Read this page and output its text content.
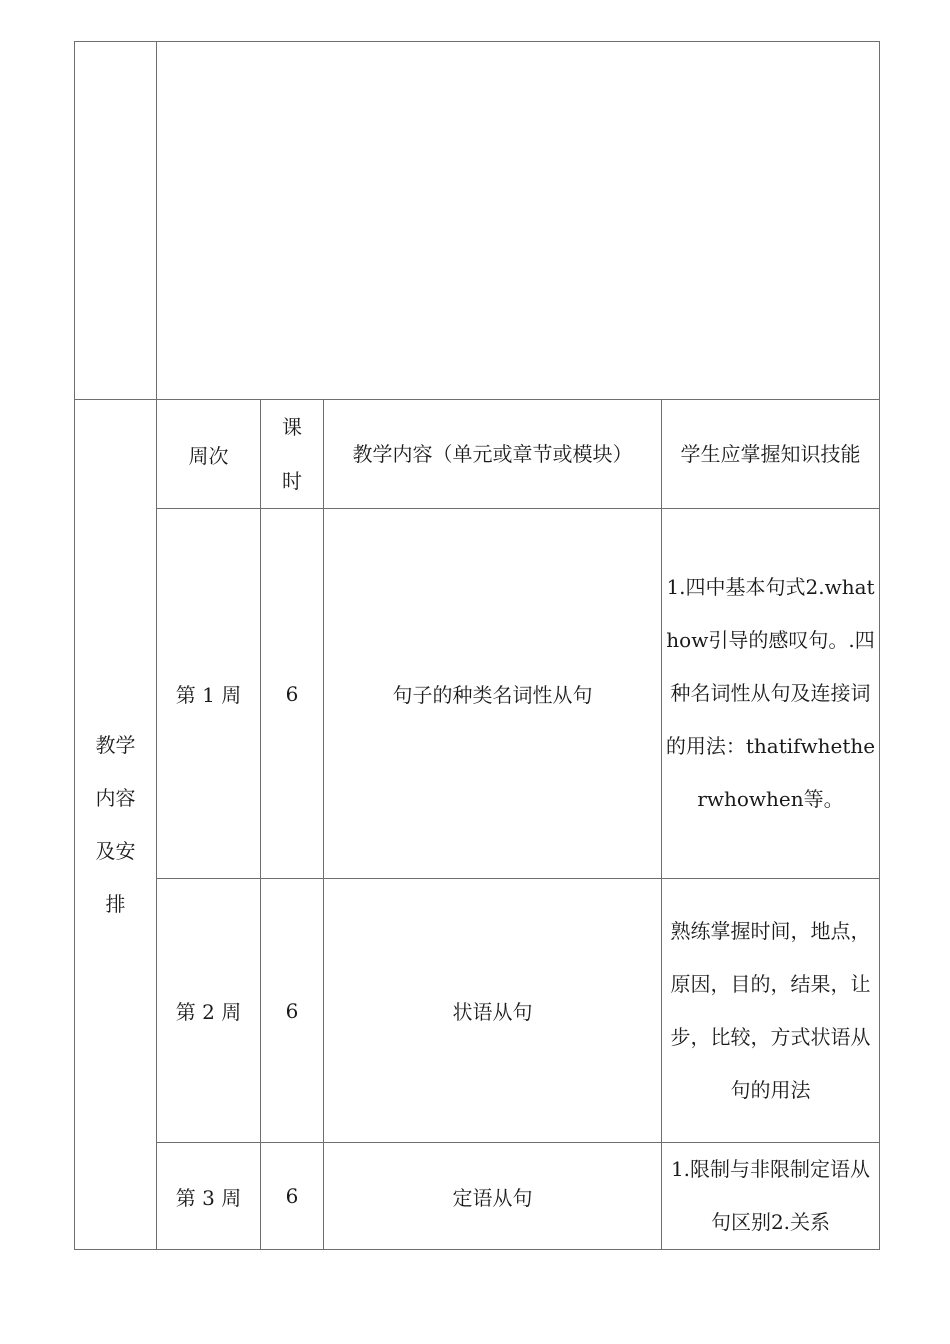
教学内容及安排	周次	课时	教学内容（单元或章节或模块）	学生应掌握知识技能
	第 1 周	6	句子的种类名词性从句	1.四中基本句式2.whathow引导的感叹句。.四种名词性从句及连接词的用法：thatifwhetherwhowhen等。
	第 2 周	6	状语从句	熟练掌握时间，地点，原因，目的，结果，让步，比较，方式状语从句的用法
	第 3 周	6	定语从句	1.限制与非限制定语从句区别2.关系
